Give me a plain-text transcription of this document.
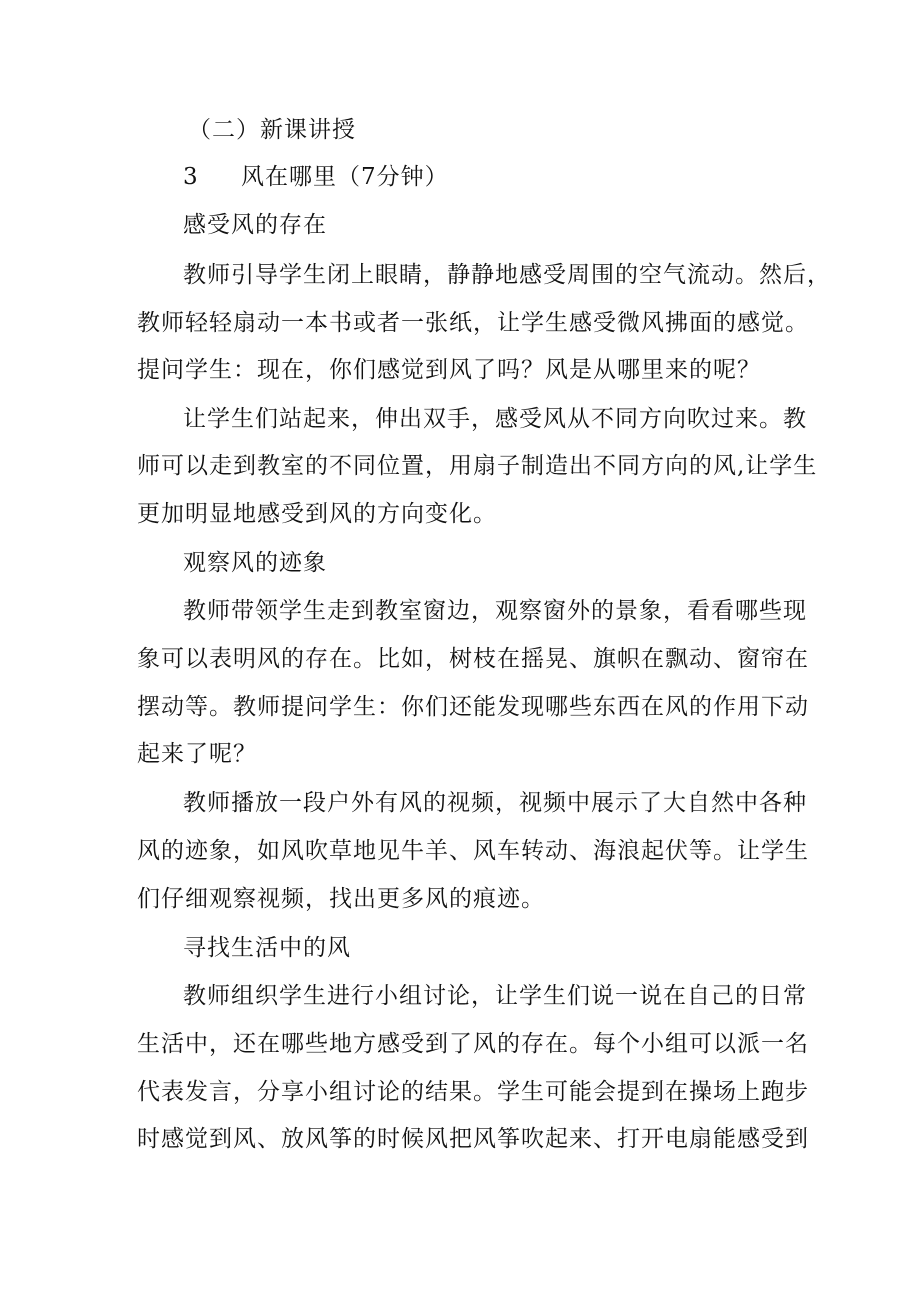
（二）新课讲授
3 风在哪里（7分钟）
感受风的存在
教师引导学生闭上眼睛，静静地感受周围的空气流动。然后，
教师轻轻扇动一本书或者一张纸，让学生感受微风拂面的感觉。
提问学生：现在，你们感觉到风了吗？风是从哪里来的呢？
让学生们站起来，伸出双手，感受风从不同方向吹过来。教
师可以走到教室的不同位置，用扇子制造出不同方向的风,让学生
更加明显地感受到风的方向变化。
观察风的迹象
教师带领学生走到教室窗边，观察窗外的景象，看看哪些现
象可以表明风的存在。比如，树枝在摇晃、旗帜在飘动、窗帘在
摆动等。教师提问学生：你们还能发现哪些东西在风的作用下动
起来了呢？
教师播放一段户外有风的视频，视频中展示了大自然中各种
风的迹象，如风吹草地见牛羊、风车转动、海浪起伏等。让学生
们仔细观察视频，找出更多风的痕迹。
寻找生活中的风
教师组织学生进行小组讨论，让学生们说一说在自己的日常
生活中，还在哪些地方感受到了风的存在。每个小组可以派一名
代表发言，分享小组讨论的结果。学生可能会提到在操场上跑步
时感觉到风、放风筝的时候风把风筝吹起来、打开电扇能感受到
